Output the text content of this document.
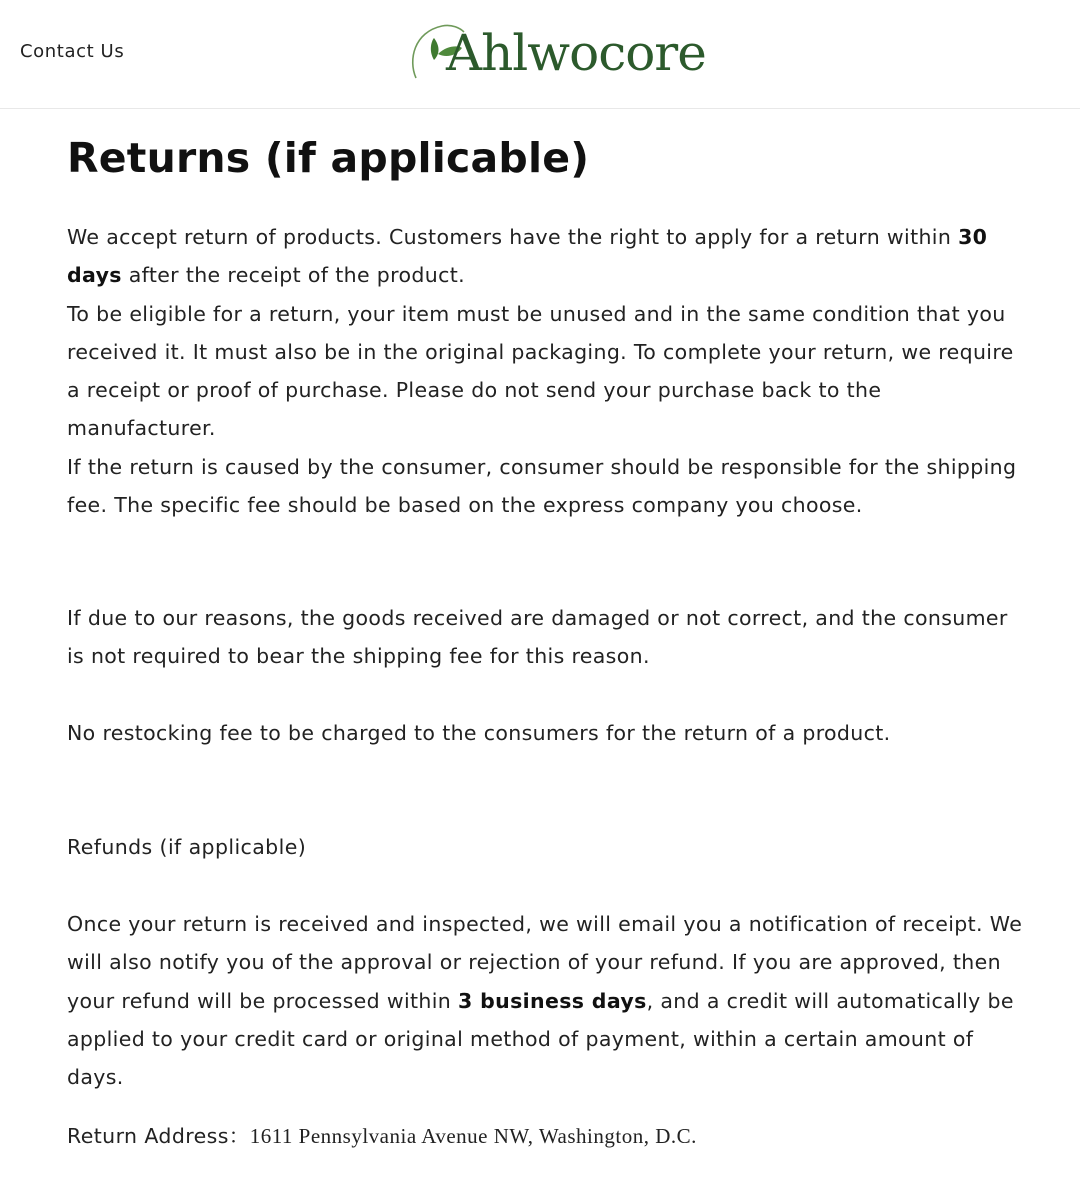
Contact Us	Ahlwocore
Returns (if applicable)
We accept return of products. Customers have the right to apply for a return within 30 days after the receipt of the product.
To be eligible for a return, your item must be unused and in the same condition that you received it. It must also be in the original packaging. To complete your return, we require a receipt or proof of purchase. Please do not send your purchase back to the manufacturer.
If the return is caused by the consumer, consumer should be responsible for the shipping fee. The specific fee should be based on the express company you choose.

If due to our reasons, the goods received are damaged or not correct, and the consumer is not required to bear the shipping fee for this reason.

No restocking fee to be charged to the consumers for the return of a product.

Refunds (if applicable)
Once your return is received and inspected, we will email you a notification of receipt. We will also notify you of the approval or rejection of your refund. If you are approved, then your refund will be processed within 3 business days, and a credit will automatically be applied to your credit card or original method of payment, within a certain amount of days.
Return Address：1611 Pennsylvania Avenue NW, Washington, D.C.
